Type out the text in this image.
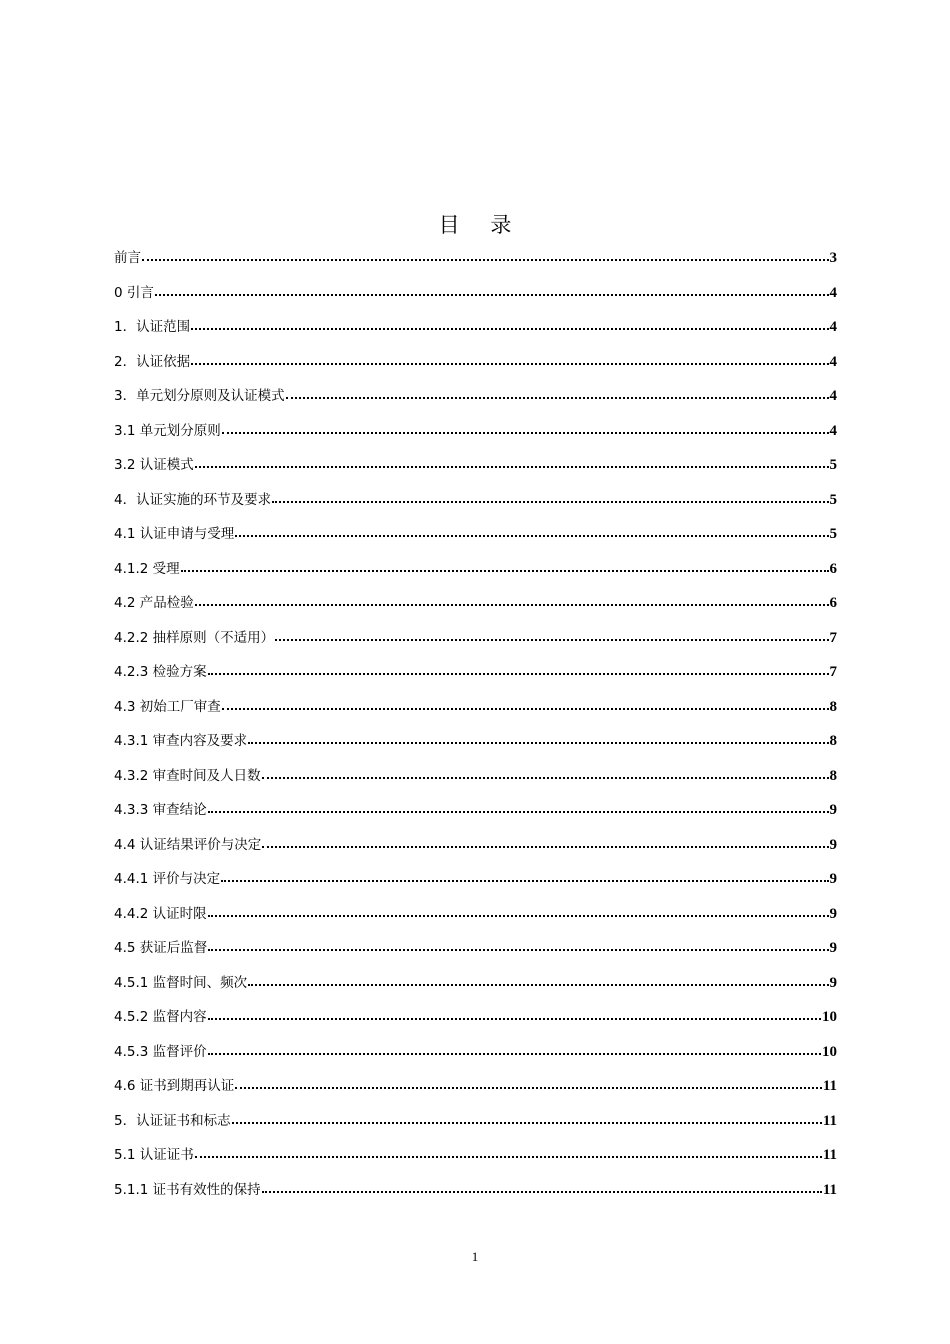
目 录
前言	3
0 引言	4
1．认证范围	4
2．认证依据	4
3．单元划分原则及认证模式	4
3.1 单元划分原则	4
3.2 认证模式	5
4．认证实施的环节及要求	5
4.1 认证申请与受理	5
4.1.2 受理	6
4.2 产品检验	6
4.2.2 抽样原则（不适用）	7
4.2.3 检验方案	7
4.3 初始工厂审查	8
4.3.1 审查内容及要求	8
4.3.2 审查时间及人日数	8
4.3.3 审查结论	9
4.4 认证结果评价与决定	9
4.4.1 评价与决定	9
4.4.2 认证时限	9
4.5 获证后监督	9
4.5.1 监督时间、频次	9
4.5.2 监督内容	10
4.5.3 监督评价	10
4.6 证书到期再认证	11
5．认证证书和标志	11
5.1 认证证书	11
5.1.1 证书有效性的保持	11
1
